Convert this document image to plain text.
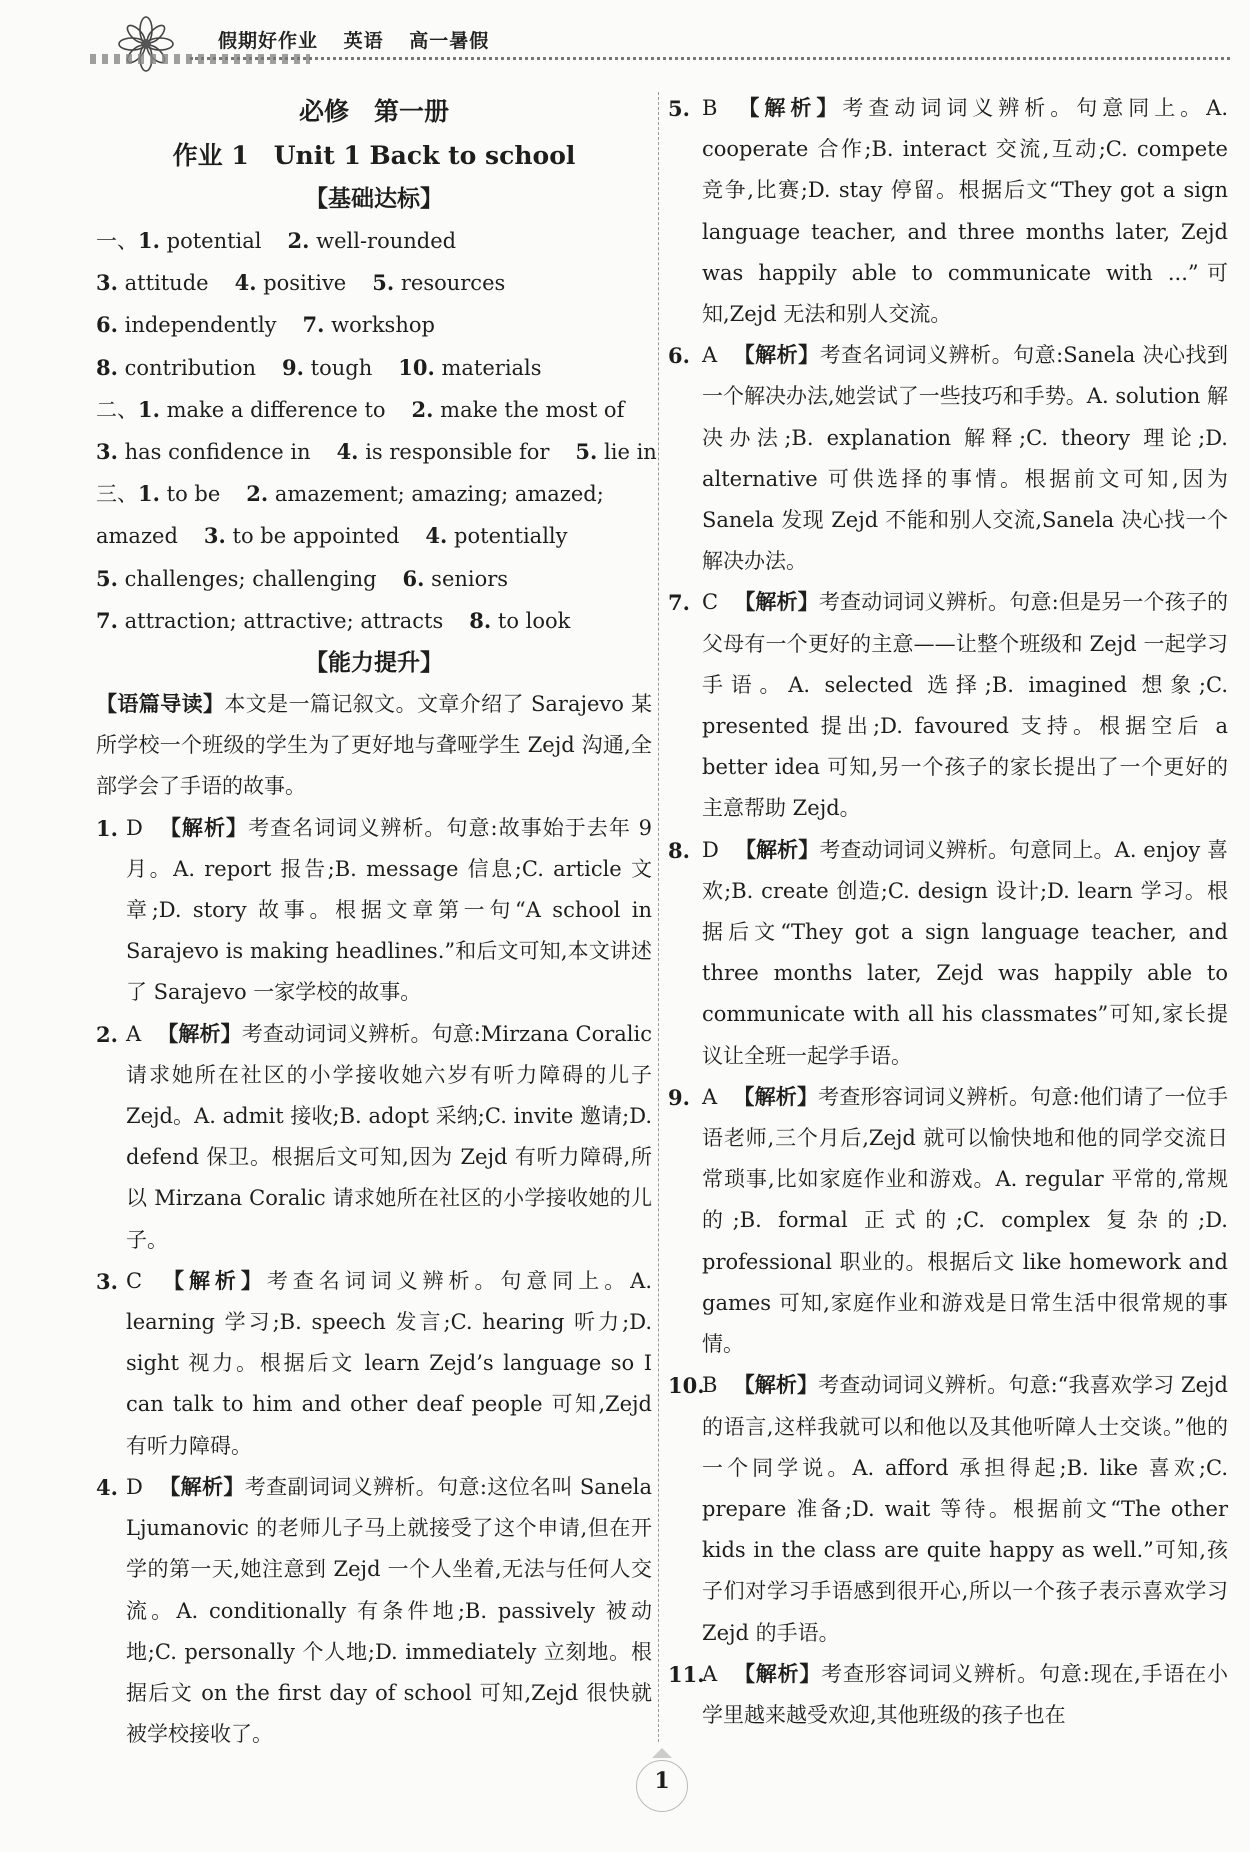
假期好作业 英语 高一暑假
必修　第一册
作业 1　Unit 1 Back to school
【基础达标】
一、1. potential 2. well-rounded
3. attitude 4. positive 5. resources
6. independently 7. workshop
8. contribution 9. tough 10. materials
二、1. make a difference to 2. make the most of
3. has confidence in 4. is responsible for 5. lie in
三、1. to be 2. amazement; amazing; amazed;
amazed 3. to be appointed 4. potentially
5. challenges; challenging 6. seniors
7. attraction; attractive; attracts 8. to look
【能力提升】
【语篇导读】本文是一篇记叙文。文章介绍了 Sarajevo 某所学校一个班级的学生为了更好地与聋哑学生 Zejd 沟通,全部学会了手语的故事。
1. D 【解析】考查名词词义辨析。句意:故事始于去年 9 月。A. report 报告;B. message 信息;C. article 文章;D. story 故事。根据文章第一句“A school in Sarajevo is making headlines.”和后文可知,本文讲述了 Sarajevo 一家学校的故事。
2. A 【解析】考查动词词义辨析。句意:Mirzana Coralic 请求她所在社区的小学接收她六岁有听力障碍的儿子 Zejd。A. admit 接收;B. adopt 采纳;C. invite 邀请;D. defend 保卫。根据后文可知,因为 Zejd 有听力障碍,所以 Mirzana Coralic 请求她所在社区的小学接收她的儿子。
3. C 【解析】考查名词词义辨析。句意同上。A. learning 学习;B. speech 发言;C. hearing 听力;D. sight 视力。根据后文 learn Zejd’s language so I can talk to him and other deaf people 可知,Zejd 有听力障碍。
4. D 【解析】考查副词词义辨析。句意:这位名叫 Sanela Ljumanovic 的老师儿子马上就接受了这个申请,但在开学的第一天,她注意到 Zejd 一个人坐着,无法与任何人交流。A. conditionally 有条件地;B. passively 被动地;C. personally 个人地;D. immediately 立刻地。根据后文 on the first day of school 可知,Zejd 很快就被学校接收了。
5. B 【解析】考查动词词义辨析。句意同上。A. cooperate 合作;B. interact 交流,互动;C. compete 竞争,比赛;D. stay 停留。根据后文“They got a sign language teacher, and three months later, Zejd was happily able to communicate with ...”可知,Zejd 无法和别人交流。
6. A 【解析】考查名词词义辨析。句意:Sanela 决心找到一个解决办法,她尝试了一些技巧和手势。A. solution 解决办法;B. explanation 解释;C. theory 理论;D. alternative 可供选择的事情。根据前文可知,因为 Sanela 发现 Zejd 不能和别人交流,Sanela 决心找一个解决办法。
7. C 【解析】考查动词词义辨析。句意:但是另一个孩子的父母有一个更好的主意——让整个班级和 Zejd 一起学习手语。A. selected 选择;B. imagined 想象;C. presented 提出;D. favoured 支持。根据空后 a better idea 可知,另一个孩子的家长提出了一个更好的主意帮助 Zejd。
8. D 【解析】考查动词词义辨析。句意同上。A. enjoy 喜欢;B. create 创造;C. design 设计;D. learn 学习。根据后文“They got a sign language teacher, and three months later, Zejd was happily able to communicate with all his classmates”可知,家长提议让全班一起学手语。
9. A 【解析】考查形容词词义辨析。句意:他们请了一位手语老师,三个月后,Zejd 就可以愉快地和他的同学交流日常琐事,比如家庭作业和游戏。A. regular 平常的,常规的;B. formal 正式的;C. complex 复杂的;D. professional 职业的。根据后文 like homework and games 可知,家庭作业和游戏是日常生活中很常规的事情。
10.
B 【解析】考查动词词义辨析。句意:“我喜欢学习 Zejd 的语言,这样我就可以和他以及其他听障人士交谈。”他的一个同学说。A. afford 承担得起;B. like 喜欢;C. prepare 准备;D. wait 等待。根据前文“The other kids in the class are quite happy as well.”可知,孩子们对学习手语感到很开心,所以一个孩子表示喜欢学习 Zejd 的手语。
11.
A 【解析】考查形容词词义辨析。句意:现在,手语在小学里越来越受欢迎,其他班级的孩子也在
1
